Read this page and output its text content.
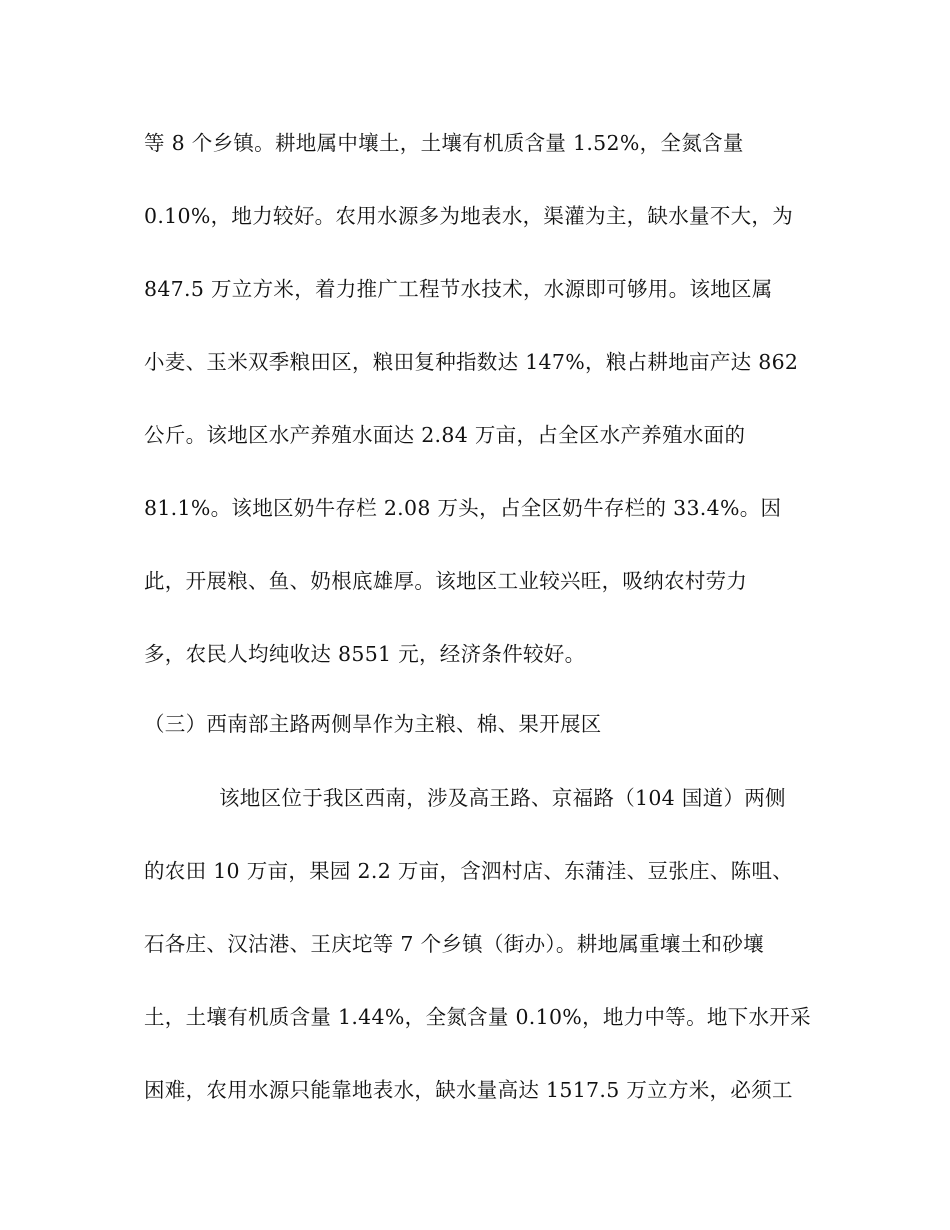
等 8 个乡镇。耕地属中壤土，土壤有机质含量 1.52%，全氮含量
0.10%，地力较好。农用水源多为地表水，渠灌为主，缺水量不大，为
847.5 万立方米，着力推广工程节水技术，水源即可够用。该地区属
小麦、玉米双季粮田区，粮田复种指数达 147%，粮占耕地亩产达 862
公斤。该地区水产养殖水面达 2.84 万亩，占全区水产养殖水面的
81.1%。该地区奶牛存栏 2.08 万头，占全区奶牛存栏的 33.4%。因
此，开展粮、鱼、奶根底雄厚。该地区工业较兴旺，吸纳农村劳力
多，农民人均纯收达 8551 元，经济条件较好。
（三）西南部主路两侧旱作为主粮、棉、果开展区
该地区位于我区西南，涉及高王路、京福路（104 国道）两侧
的农田 10 万亩，果园 2.2 万亩，含泗村店、东蒲洼、豆张庄、陈咀、
石各庄、汉沽港、王庆坨等 7 个乡镇（街办）。耕地属重壤土和砂壤
土，土壤有机质含量 1.44%，全氮含量 0.10%，地力中等。地下水开采
困难，农用水源只能靠地表水，缺水量高达 1517.5 万立方米，必须工
